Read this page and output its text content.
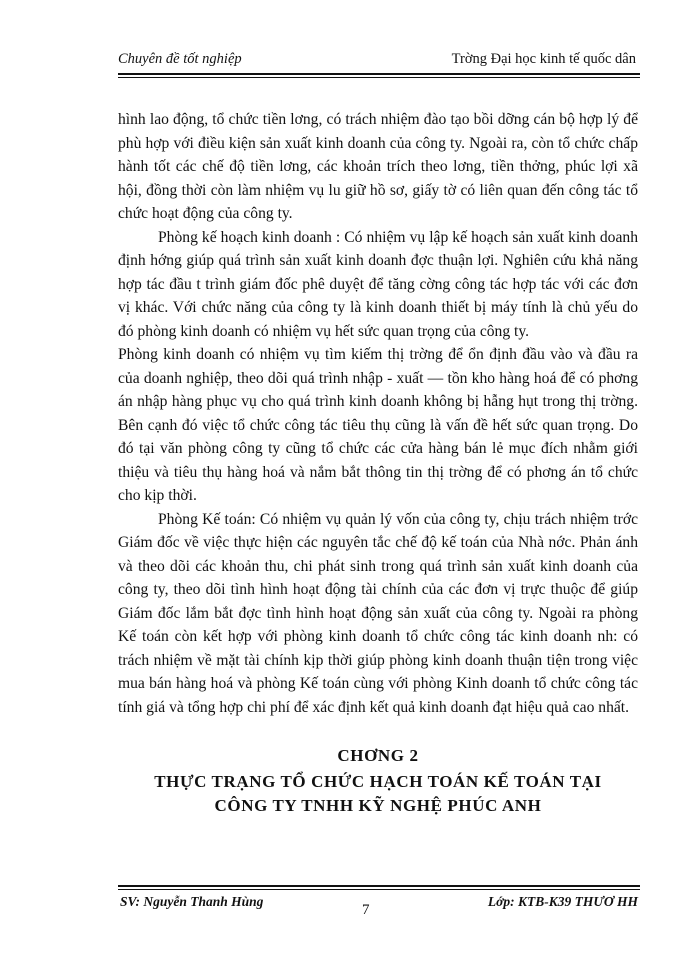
Chuyên đề tốt nghiệp	Trờng Đại học kinh tế quốc dân

hình lao động, tổ chức tiền lơng, có trách nhiệm đào tạo bồi dỡng cán bộ hợp lý để phù hợp với điều kiện sản xuất kinh doanh của công ty. Ngoài ra, còn tổ chức chấp hành tốt các chế độ tiền lơng, các khoản trích theo lơng, tiền thởng, phúc lợi xã hội, đồng thời còn làm nhiệm vụ lu giữ hồ sơ, giấy tờ có liên quan đến công tác tổ chức hoạt động của công ty.

Phòng kế hoạch kinh doanh : Có nhiệm vụ lập kế hoạch sản xuất kinh doanh định hớng giúp quá trình sản xuất kinh doanh đợc thuận lợi. Nghiên cứu khả năng hợp tác đầu t trình giám đốc phê duyệt để tăng cờng công tác hợp tác với các đơn vị khác. Với chức năng của công ty là kinh doanh thiết bị máy tính là chủ yếu do đó phòng kinh doanh có nhiệm vụ hết sức quan trọng của công ty.

Phòng kinh doanh có nhiệm vụ tìm kiếm thị trờng để ổn định đầu vào và đầu ra của doanh nghiệp, theo dõi quá trình nhập - xuất — tồn kho hàng hoá để có phơng án nhập hàng phục vụ cho quá trình kinh doanh không bị hẫng hụt trong thị trờng. Bên cạnh đó việc tổ chức công tác tiêu thụ cũng là vấn đề hết sức quan trọng. Do đó tại văn phòng công ty cũng tổ chức các cửa hàng bán lẻ mục đích nhằm giới thiệu và tiêu thụ hàng hoá và nắm bắt thông tin thị trờng để có phơng án tổ chức cho kịp thời.

Phòng Kế toán: Có nhiệm vụ quản lý vốn của công ty, chịu trách nhiệm trớc Giám đốc về việc thực hiện các nguyên tắc chế độ kế toán của Nhà nớc. Phản ánh và theo dõi các khoản thu, chi phát sinh trong quá trình sản xuất kinh doanh của công ty, theo dõi tình hình hoạt động tài chính của các đơn vị trực thuộc để giúp Giám đốc lắm bắt đợc tình hình hoạt động sản xuất của công ty. Ngoài ra phòng Kế toán còn kết hợp với phòng kinh doanh tổ chức công tác kinh doanh nh: có trách nhiệm về mặt tài chính kịp thời giúp phòng kinh doanh thuận tiện trong việc mua bán hàng hoá và phòng Kế toán cùng với phòng Kinh doanh tổ chức công tác tính giá và tổng hợp chi phí để xác định kết quả kinh doanh đạt hiệu quả cao nhất.

CHƠNG 2
THỰC TRẠNG TỔ CHỨC HẠCH TOÁN KẾ TOÁN TẠI
CÔNG TY TNHH KỸ NGHỆ PHÚC ANH
SV: Nguyễn Thanh Hùng
7
Lớp: KTB-K39 THƯƠ HH
